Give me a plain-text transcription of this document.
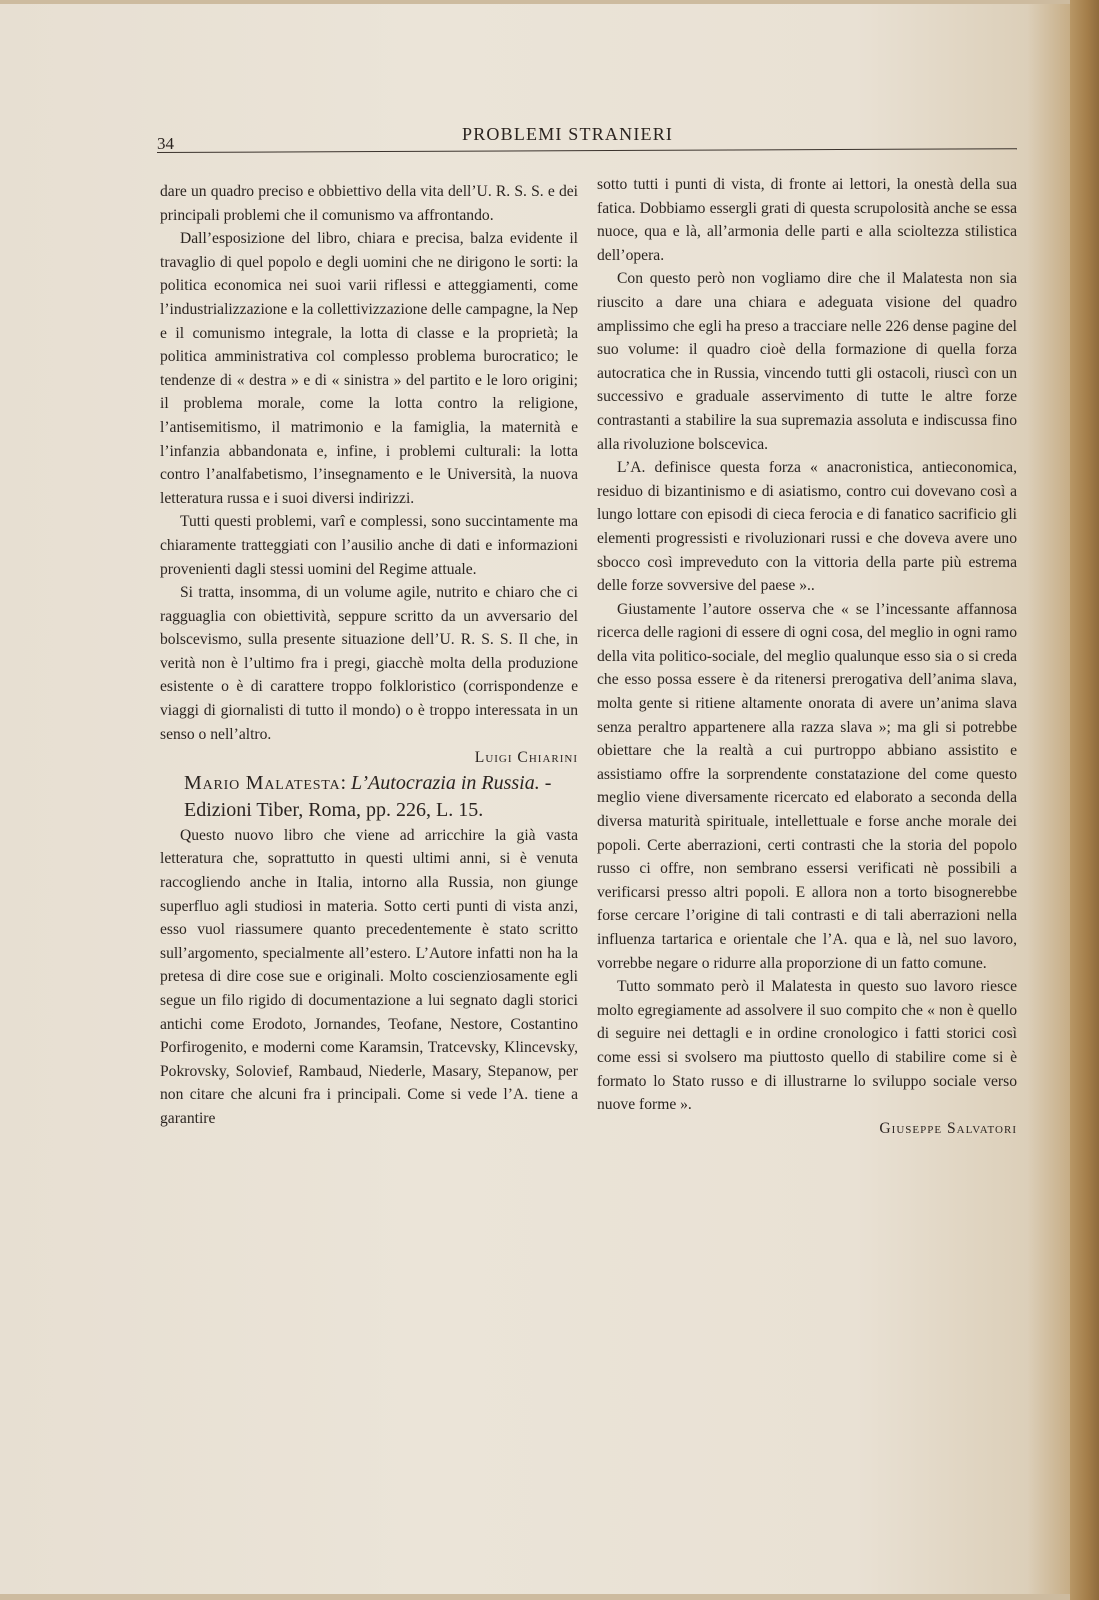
34	PROBLEMI STRANIERI

dare un quadro preciso e obbiettivo della vita dell’U. R. S. S. e dei principali problemi che il comunismo va affrontando.

Dall’esposizione del libro, chiara e precisa, balza evidente il travaglio di quel popolo e degli uomini che ne dirigono le sorti: la politica economica nei suoi varii riflessi e atteggiamenti, come l’industrializzazione e la collettivizzazione delle campagne, la Nep e il comunismo integrale, la lotta di classe e la proprietà; la politica amministrativa col complesso problema burocratico; le tendenze di « destra » e di « sinistra » del partito e le loro origini; il problema morale, come la lotta contro la religione, l’antisemitismo, il matrimonio e la famiglia, la maternità e l’infanzia abbandonata e, infine, i problemi culturali: la lotta contro l’analfabetismo, l’insegnamento e le Università, la nuova letteratura russa e i suoi diversi indirizzi.

Tutti questi problemi, varî e complessi, sono succintamente ma chiaramente tratteggiati con l’ausilio anche di dati e informazioni provenienti dagli stessi uomini del Regime attuale.

Si tratta, insomma, di un volume agile, nutrito e chiaro che ci ragguaglia con obiettività, seppure scritto da un avversario del bolscevismo, sulla presente situazione dell’U. R. S. S. Il che, in verità non è l’ultimo fra i pregi, giacchè molta della produzione esistente o è di carattere troppo folkloristico (corrispondenze e viaggi di giornalisti di tutto il mondo) o è troppo interessata in un senso o nell’altro.

Luigi Chiarini

Mario Malatesta: L’Autocrazia in Russia. - Edizioni Tiber, Roma, pp. 226, L. 15.

Questo nuovo libro che viene ad arricchire la già vasta letteratura che, soprattutto in questi ultimi anni, si è venuta raccogliendo anche in Italia, intorno alla Russia, non giunge superfluo agli studiosi in materia. Sotto certi punti di vista anzi, esso vuol riassumere quanto precedentemente è stato scritto sull’argomento, specialmente all’estero. L’Autore infatti non ha la pretesa di dire cose sue e originali. Molto coscienziosamente egli segue un filo rigido di documentazione a lui segnato dagli storici antichi come Erodoto, Jornandes, Teofane, Nestore, Costantino Porfirogenito, e moderni come Karamsin, Tratcevsky, Klincevsky, Pokrovsky, Solovief, Rambaud, Niederle, Masary, Stepanow, per non citare che alcuni fra i principali. Come si vede l’A. tiene a garantire

sotto tutti i punti di vista, di fronte ai lettori, la onestà della sua fatica. Dobbiamo essergli grati di questa scrupolosità anche se essa nuoce, qua e là, all’armonia delle parti e alla scioltezza stilistica dell’opera.

Con questo però non vogliamo dire che il Malatesta non sia riuscito a dare una chiara e adeguata visione del quadro amplissimo che egli ha preso a tracciare nelle 226 dense pagine del suo volume: il quadro cioè della formazione di quella forza autocratica che in Russia, vincendo tutti gli ostacoli, riuscì con un successivo e graduale asservimento di tutte le altre forze contrastanti a stabilire la sua supremazia assoluta e indiscussa fino alla rivoluzione bolscevica.

L’A. definisce questa forza « anacronistica, antieconomica, residuo di bizantinismo e di asiatismo, contro cui dovevano così a lungo lottare con episodi di cieca ferocia e di fanatico sacrificio gli elementi progressisti e rivoluzionari russi e che doveva avere uno sbocco così impreveduto con la vittoria della parte più estrema delle forze sovversive del paese »..

Giustamente l’autore osserva che « se l’incessante affannosa ricerca delle ragioni di essere di ogni cosa, del meglio in ogni ramo della vita politico-sociale, del meglio qualunque esso sia o si creda che esso possa essere è da ritenersi prerogativa dell’anima slava, molta gente si ritiene altamente onorata di avere un’anima slava senza peraltro appartenere alla razza slava »; ma gli si potrebbe obiettare che la realtà a cui purtroppo abbiano assistito e assistiamo offre la sorprendente constatazione del come questo meglio viene diversamente ricercato ed elaborato a seconda della diversa maturità spirituale, intellettuale e forse anche morale dei popoli. Certe aberrazioni, certi contrasti che la storia del popolo russo ci offre, non sembrano essersi verificati nè possibili a verificarsi presso altri popoli. E allora non a torto bisognerebbe forse cercare l’origine di tali contrasti e di tali aberrazioni nella influenza tartarica e orientale che l’A. qua e là, nel suo lavoro, vorrebbe negare o ridurre alla proporzione di un fatto comune.

Tutto sommato però il Malatesta in questo suo lavoro riesce molto egregiamente ad assolvere il suo compito che « non è quello di seguire nei dettagli e in ordine cronologico i fatti storici così come essi si svolsero ma piuttosto quello di stabilire come si è formato lo Stato russo e di illustrarne lo sviluppo sociale verso nuove forme ».

Giuseppe Salvatori
